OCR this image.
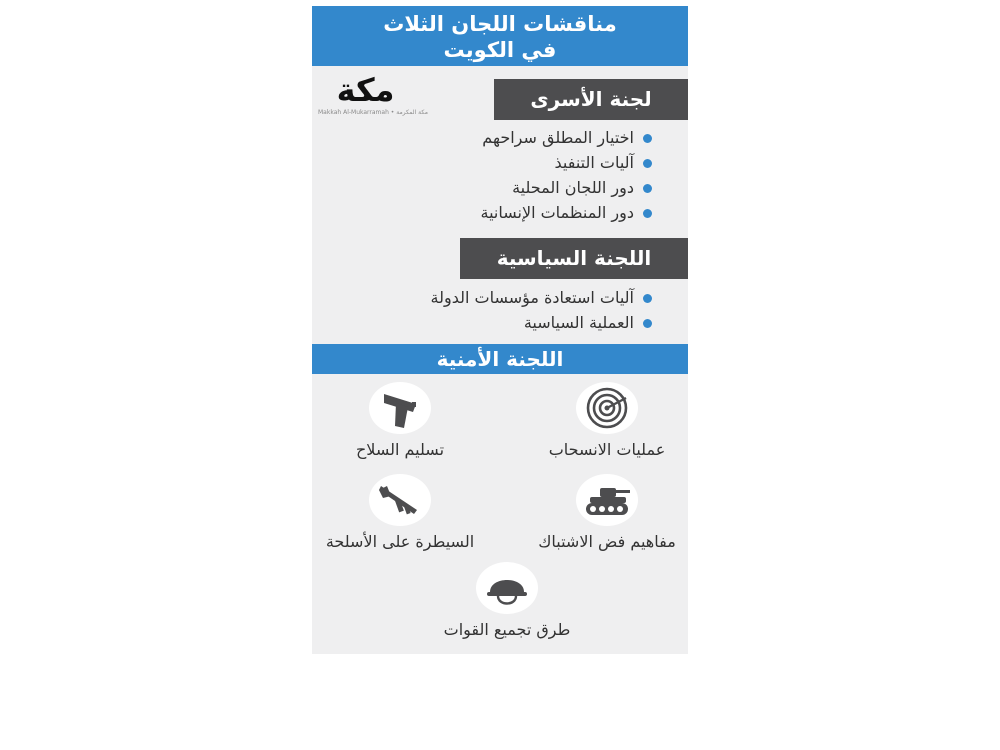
مناقشات اللجان الثلاث
في الكويت
مكة
Makkah Al-Mukarramah • مكة المكرمة
لجنة الأسرى
اختيار المطلق سراحهم
آليات التنفيذ
دور اللجان المحلية
دور المنظمات الإنسانية
اللجنة السياسية
آليات استعادة مؤسسات الدولة
العملية السياسية
اللجنة الأمنية
عمليات الانسحاب
تسليم السلاح
مفاهيم فض الاشتباك
السيطرة على الأسلحة
طرق تجميع القوات
